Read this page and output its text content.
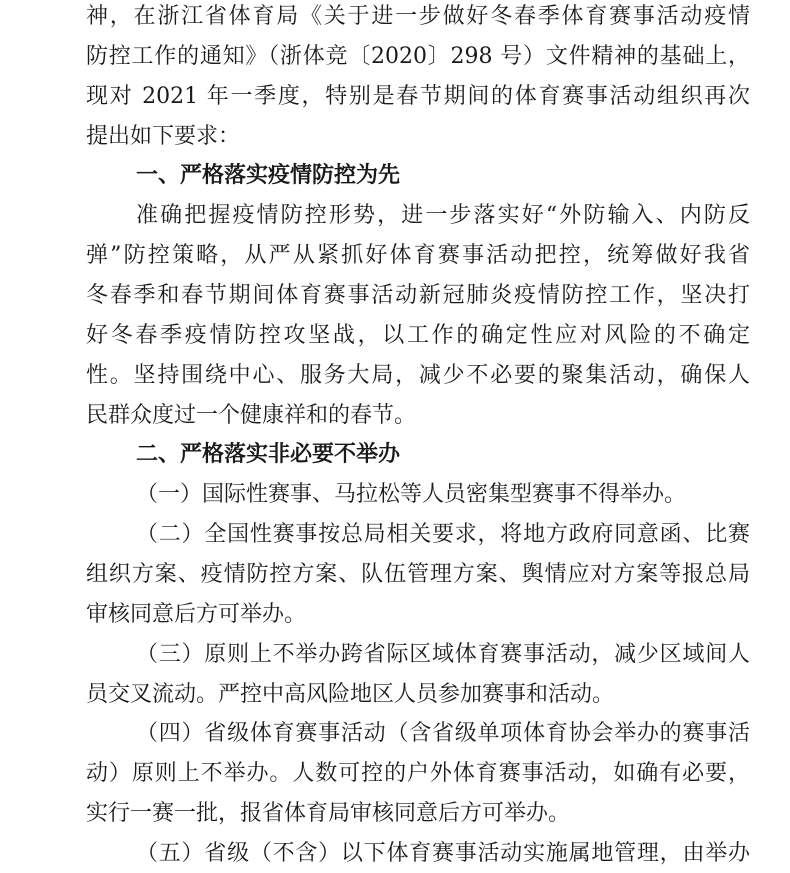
神，在浙江省体育局《关于进一步做好冬春季体育赛事活动疫情
防控工作的通知》（浙体竞〔2020〕298 号）文件精神的基础上，
现对 2021 年一季度，特别是春节期间的体育赛事活动组织再次
提出如下要求：
一、严格落实疫情防控为先
准确把握疫情防控形势，进一步落实好“外防输入、内防反
弹”防控策略，从严从紧抓好体育赛事活动把控，统筹做好我省
冬春季和春节期间体育赛事活动新冠肺炎疫情防控工作，坚决打
好冬春季疫情防控攻坚战，以工作的确定性应对风险的不确定
性。坚持围绕中心、服务大局，减少不必要的聚集活动，确保人
民群众度过一个健康祥和的春节。
二、严格落实非必要不举办
（一）国际性赛事、马拉松等人员密集型赛事不得举办。
（二）全国性赛事按总局相关要求，将地方政府同意函、比赛
组织方案、疫情防控方案、队伍管理方案、舆情应对方案等报总局
审核同意后方可举办。
（三）原则上不举办跨省际区域体育赛事活动，减少区域间人
员交叉流动。严控中高风险地区人员参加赛事和活动。
（四）省级体育赛事活动（含省级单项体育协会举办的赛事活
动）原则上不举办。人数可控的户外体育赛事活动，如确有必要，
实行一赛一批，报省体育局审核同意后方可举办。
（五）省级（不含）以下体育赛事活动实施属地管理，由举办
